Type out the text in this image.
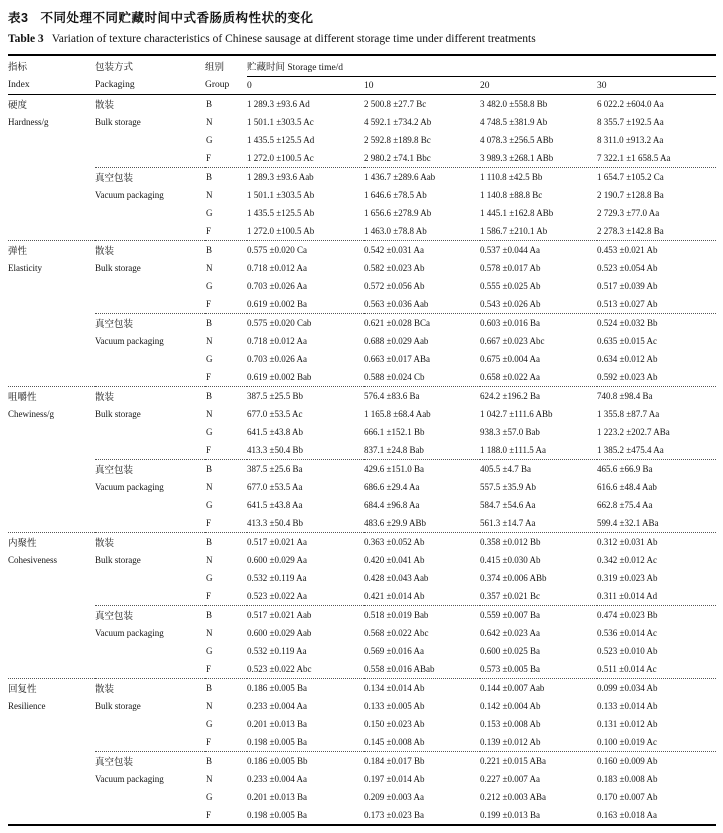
表3 不同处理不同贮藏时间中式香肠质构性状的变化
Table 3 Variation of texture characteristics of Chinese sausage at different storage time under different treatments
指标	包装方式	组别	贮藏时间 Storage time/d			
Index	Packaging	Group	0	10	20	30
硬度	散装	B	1 289.3 ±93.6 Ad	2 500.8 ±27.7 Bc	3 482.0 ±558.8 Bb	6 022.2 ±604.0 Aa
Hardness/g	Bulk storage	N	1 501.1 ±303.5 Ac	4 592.1 ±734.2 Ab	4 748.5 ±381.9 Ab	8 355.7 ±192.5 Aa
		G	1 435.5 ±125.5 Ad	2 592.8 ±189.8 Bc	4 078.3 ±256.5 ABb	8 311.0 ±913.2 Aa
		F	1 272.0 ±100.5 Ac	2 980.2 ±74.1 Bbc	3 989.3 ±268.1 ABb	7 322.1 ±1 658.5 Aa
	真空包装	B	1 289.3 ±93.6 Aab	1 436.7 ±289.6 Aab	1 110.8 ±42.5 Bb	1 654.7 ±105.2 Ca
	Vacuum packaging	N	1 501.1 ±303.5 Ab	1 646.6 ±78.5 Ab	1 140.8 ±88.8 Bc	2 190.7 ±128.8 Ba
		G	1 435.5 ±125.5 Ab	1 656.6 ±278.9 Ab	1 445.1 ±162.8 ABb	2 729.3 ±77.0 Aa
		F	1 272.0 ±100.5 Ab	1 463.0 ±78.8 Ab	1 586.7 ±210.1 Ab	2 278.3 ±142.8 Ba
弹性	散装	B	0.575 ±0.020 Ca	0.542 ±0.031 Aa	0.537 ±0.044 Aa	0.453 ±0.021 Ab
Elasticity	Bulk storage	N	0.718 ±0.012 Aa	0.582 ±0.023 Ab	0.578 ±0.017 Ab	0.523 ±0.054 Ab
		G	0.703 ±0.026 Aa	0.572 ±0.056 Ab	0.555 ±0.025 Ab	0.517 ±0.039 Ab
		F	0.619 ±0.002 Ba	0.563 ±0.036 Aab	0.543 ±0.026 Ab	0.513 ±0.027 Ab
	真空包装	B	0.575 ±0.020 Cab	0.621 ±0.028 BCa	0.603 ±0.016 Ba	0.524 ±0.032 Bb
	Vacuum packaging	N	0.718 ±0.012 Aa	0.688 ±0.029 Aab	0.667 ±0.023 Abc	0.635 ±0.015 Ac
		G	0.703 ±0.026 Aa	0.663 ±0.017 ABa	0.675 ±0.004 Aa	0.634 ±0.012 Ab
		F	0.619 ±0.002 Bab	0.588 ±0.024 Cb	0.658 ±0.022 Aa	0.592 ±0.023 Ab
咀嚼性	散装	B	387.5 ±25.5 Bb	576.4 ±83.6 Ba	624.2 ±196.2 Ba	740.8 ±98.4 Ba
Chewiness/g	Bulk storage	N	677.0 ±53.5 Ac	1 165.8 ±68.4 Aab	1 042.7 ±111.6 ABb	1 355.8 ±87.7 Aa
		G	641.5 ±43.8 Ab	666.1 ±152.1 Bb	938.3 ±57.0 Bab	1 223.2 ±202.7 ABa
		F	413.3 ±50.4 Bb	837.1 ±24.8 Bab	1 188.0 ±111.5 Aa	1 385.2 ±475.4 Aa
	真空包装	B	387.5 ±25.6 Ba	429.6 ±151.0 Ba	405.5 ±4.7 Ba	465.6 ±66.9 Ba
	Vacuum packaging	N	677.0 ±53.5 Aa	686.6 ±29.4 Aa	557.5 ±35.9 Ab	616.6 ±48.4 Aab
		G	641.5 ±43.8 Aa	684.4 ±96.8 Aa	584.7 ±54.6 Aa	662.8 ±75.4 Aa
		F	413.3 ±50.4 Bb	483.6 ±29.9 ABb	561.3 ±14.7 Aa	599.4 ±32.1 ABa
内聚性	散装	B	0.517 ±0.021 Aa	0.363 ±0.052 Ab	0.358 ±0.012 Bb	0.312 ±0.031 Ab
Cohesiveness	Bulk storage	N	0.600 ±0.029 Aa	0.420 ±0.041 Ab	0.415 ±0.030 Ab	0.342 ±0.012 Ac
		G	0.532 ±0.119 Aa	0.428 ±0.043 Aab	0.374 ±0.006 ABb	0.319 ±0.023 Ab
		F	0.523 ±0.022 Aa	0.421 ±0.014 Ab	0.357 ±0.021 Bc	0.311 ±0.014 Ad
	真空包装	B	0.517 ±0.021 Aab	0.518 ±0.019 Bab	0.559 ±0.007 Ba	0.474 ±0.023 Bb
	Vacuum packaging	N	0.600 ±0.029 Aab	0.568 ±0.022 Abc	0.642 ±0.023 Aa	0.536 ±0.014 Ac
		G	0.532 ±0.119 Aa	0.569 ±0.016 Aa	0.600 ±0.025 Ba	0.523 ±0.010 Ab
		F	0.523 ±0.022 Abc	0.558 ±0.016 ABab	0.573 ±0.005 Ba	0.511 ±0.014 Ac
回复性	散装	B	0.186 ±0.005 Ba	0.134 ±0.014 Ab	0.144 ±0.007 Aab	0.099 ±0.034 Ab
Resilience	Bulk storage	N	0.233 ±0.004 Aa	0.133 ±0.005 Ab	0.142 ±0.004 Ab	0.133 ±0.014 Ab
		G	0.201 ±0.013 Ba	0.150 ±0.023 Ab	0.153 ±0.008 Ab	0.131 ±0.012 Ab
		F	0.198 ±0.005 Ba	0.145 ±0.008 Ab	0.139 ±0.012 Ab	0.100 ±0.019 Ac
	真空包装	B	0.186 ±0.005 Bb	0.184 ±0.017 Bb	0.221 ±0.015 ABa	0.160 ±0.009 Ab
	Vacuum packaging	N	0.233 ±0.004 Aa	0.197 ±0.014 Ab	0.227 ±0.007 Aa	0.183 ±0.008 Ab
		G	0.201 ±0.013 Ba	0.209 ±0.003 Aa	0.212 ±0.003 ABa	0.170 ±0.007 Ab
		F	0.198 ±0.005 Ba	0.173 ±0.023 Ba	0.199 ±0.013 Ba	0.163 ±0.018 Aa
